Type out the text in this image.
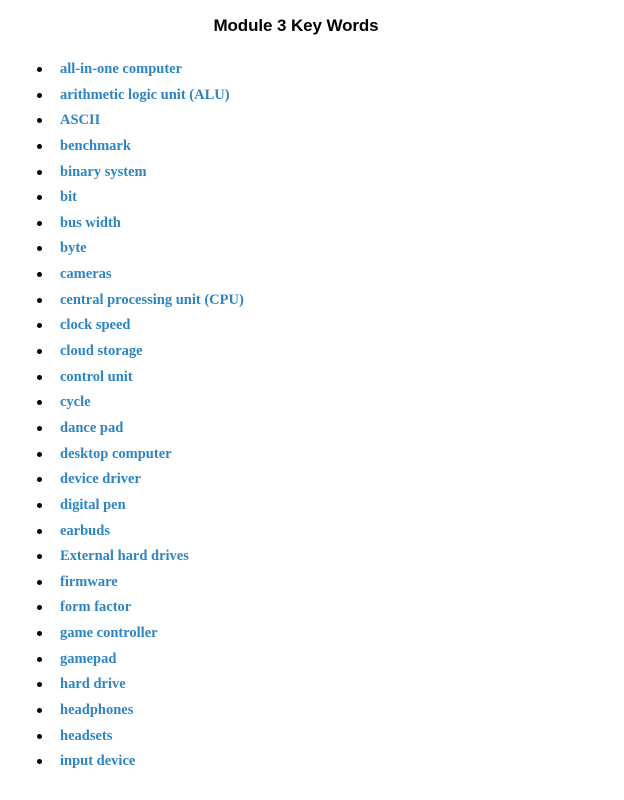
Module 3 Key Words
all-in-one computer
arithmetic logic unit (ALU)
ASCII
benchmark
binary system
bit
bus width
byte
cameras
central processing unit (CPU)
clock speed
cloud storage
control unit
cycle
dance pad
desktop computer
device driver
digital pen
earbuds
External hard drives
firmware
form factor
game controller
gamepad
hard drive
headphones
headsets
input device
